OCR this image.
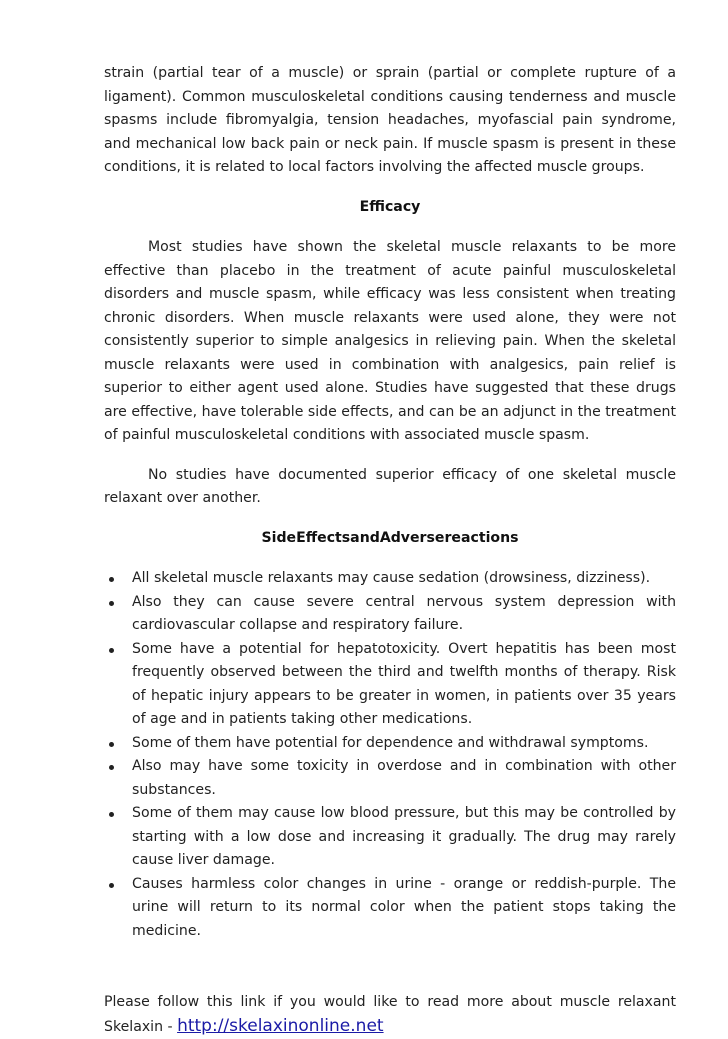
strain (partial tear of a muscle) or sprain (partial or complete rupture of a ligament). Common musculoskeletal conditions causing tenderness and muscle spasms include fibromyalgia, tension headaches, myofascial pain syndrome, and mechanical low back pain or neck pain. If muscle spasm is present in these conditions, it is related to local factors involving the affected muscle groups.

Efficacy

Most studies have shown the skeletal muscle relaxants to be more effective than placebo in the treatment of acute painful musculoskeletal disorders and muscle spasm, while efficacy was less consistent when treating chronic disorders. When muscle relaxants were used alone, they were not consistently superior to simple analgesics in relieving pain. When the skeletal muscle relaxants were used in combination with analgesics, pain relief is superior to either agent used alone. Studies have suggested that these drugs are effective, have tolerable side effects, and can be an adjunct in the treatment of painful musculoskeletal conditions with associated muscle spasm.

No studies have documented superior efficacy of one skeletal muscle relaxant over another.

SideEffectsandAdversereactions
All skeletal muscle relaxants may cause sedation (drowsiness, dizziness).
Also they can cause severe central nervous system depression with cardiovascular collapse and respiratory failure.
Some have a potential for hepatotoxicity. Overt hepatitis has been most frequently observed between the third and twelfth months of therapy. Risk of hepatic injury appears to be greater in women, in patients over 35 years of age and in patients taking other medications.
Some of them have potential for dependence and withdrawal symptoms.
Also may have some toxicity in overdose and in combination with other substances.
Some of them may cause low blood pressure, but this may be controlled by starting with a low dose and increasing it gradually. The drug may rarely cause liver damage.
Causes harmless color changes in urine - orange or reddish-purple. The urine will return to its normal color when the patient stops taking the medicine.

Please follow this link if you would like to read more about muscle relaxant Skelaxin - http://skelaxinonline.net
